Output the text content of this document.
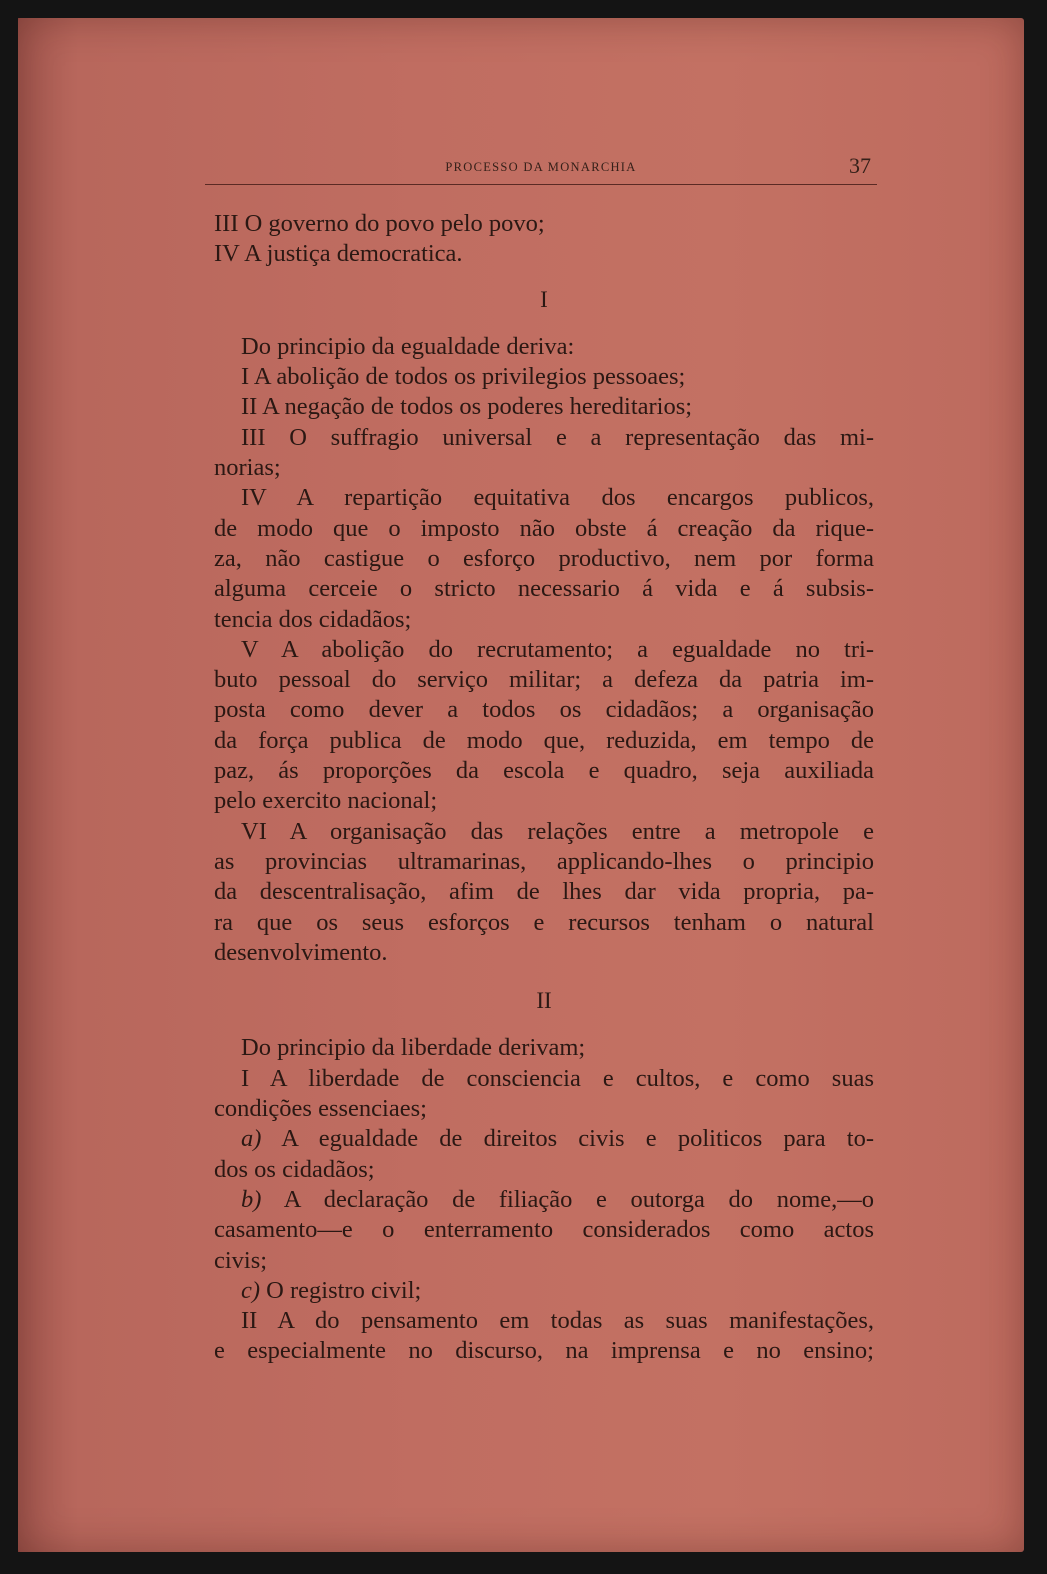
PROCESSO DA MONARCHIA	37
III O governo do povo pelo povo;
IV A justiça democratica.
I
Do principio da egualdade deriva:
I A abolição de todos os privilegios pessoaes;
II A negação de todos os poderes hereditarios;
III O suffragio universal e a representação das mi-
norias;
IV A repartição equitativa dos encargos publicos,
de modo que o imposto não obste á creação da rique-
za, não castigue o esforço productivo, nem por forma
alguma cerceie o stricto necessario á vida e á subsis-
tencia dos cidadãos;
V A abolição do recrutamento; a egualdade no tri-
buto pessoal do serviço militar; a defeza da patria im-
posta como dever a todos os cidadãos; a organisação
da força publica de modo que, reduzida, em tempo de
paz, ás proporções da escola e quadro, seja auxiliada
pelo exercito nacional;
VI A organisação das relações entre a metropole e
as provincias ultramarinas, applicando-lhes o principio
da descentralisação, afim de lhes dar vida propria, pa-
ra que os seus esforços e recursos tenham o natural
desenvolvimento.
II
Do principio da liberdade derivam;
I A liberdade de consciencia e cultos, e como suas
condições essenciaes;
a) A egualdade de direitos civis e politicos para to-
dos os cidadãos;
b) A declaração de filiação e outorga do nome,—o
casamento—e o enterramento considerados como actos
civis;
c) O registro civil;
II A do pensamento em todas as suas manifestações,
e especialmente no discurso, na imprensa e no ensino;
